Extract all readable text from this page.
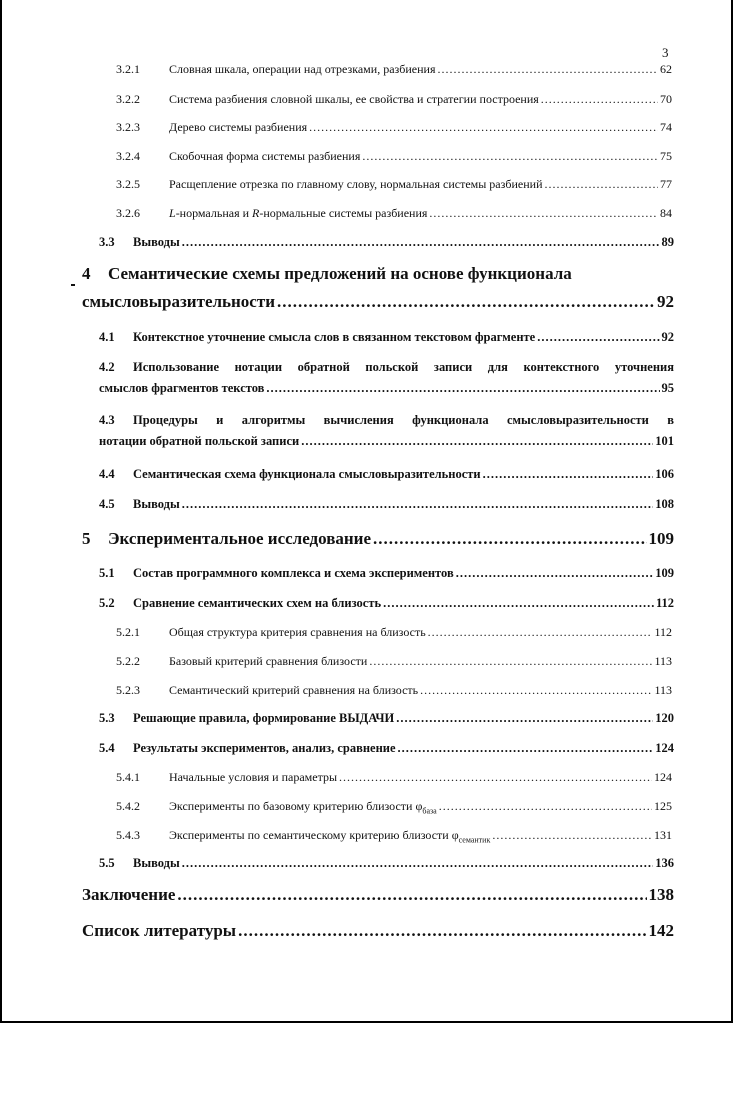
3
3.2.1	Словная шкала, операции над отрезками, разбиения .....	62
3.2.2	Система разбиения словной шкалы, ее свойства и стратегии построения .....	70
3.2.3	Дерево системы разбиения .....	74
3.2.4	Скобочная форма системы разбиения .....	75
3.2.5	Расщепление отрезка по главному слову, нормальная системы разбиений .....	77
3.2.6	L-нормальная и R-нормальные системы разбиения .....	84
3.3	Выводы .....	89
4	Семантические схемы предложений на основе функционала
смысловыразительности .....	92
4.1	Контекстное уточнение смысла слов в связанном текстовом фрагменте .....	92
4.2	Использование нотации обратной польской записи для контекстного уточнения
смыслов фрагментов текстов .....	95
4.3	Процедуры и алгоритмы вычисления функционала смысловыразительности в
нотации обратной польской записи .....	101
4.4	Семантическая схема функционала смысловыразительности .....	106
4.5	Выводы .....	108
5	Экспериментальное исследование .....	109
5.1	Состав программного комплекса и схема экспериментов .....	109
5.2	Сравнение семантических схем на близость .....	112
5.2.1	Общая структура критерия сравнения на близость .....	112
5.2.2	Базовый критерий сравнения близости .....	113
5.2.3	Семантический критерий сравнения на близость .....	113
5.3	Решающие правила, формирование ВЫДАЧИ .....	120
5.4	Результаты экспериментов, анализ, сравнение .....	124
5.4.1	Начальные условия и параметры .....	124
5.4.2	Эксперименты по базовому критерию близости $\varphi_{база}$ .....	125
5.4.3	Эксперименты по семантическому критерию близости $\varphi_{семантик}$ .....	131
5.5	Выводы .....	136
Заключение .....	138
Список литературы .....	142
